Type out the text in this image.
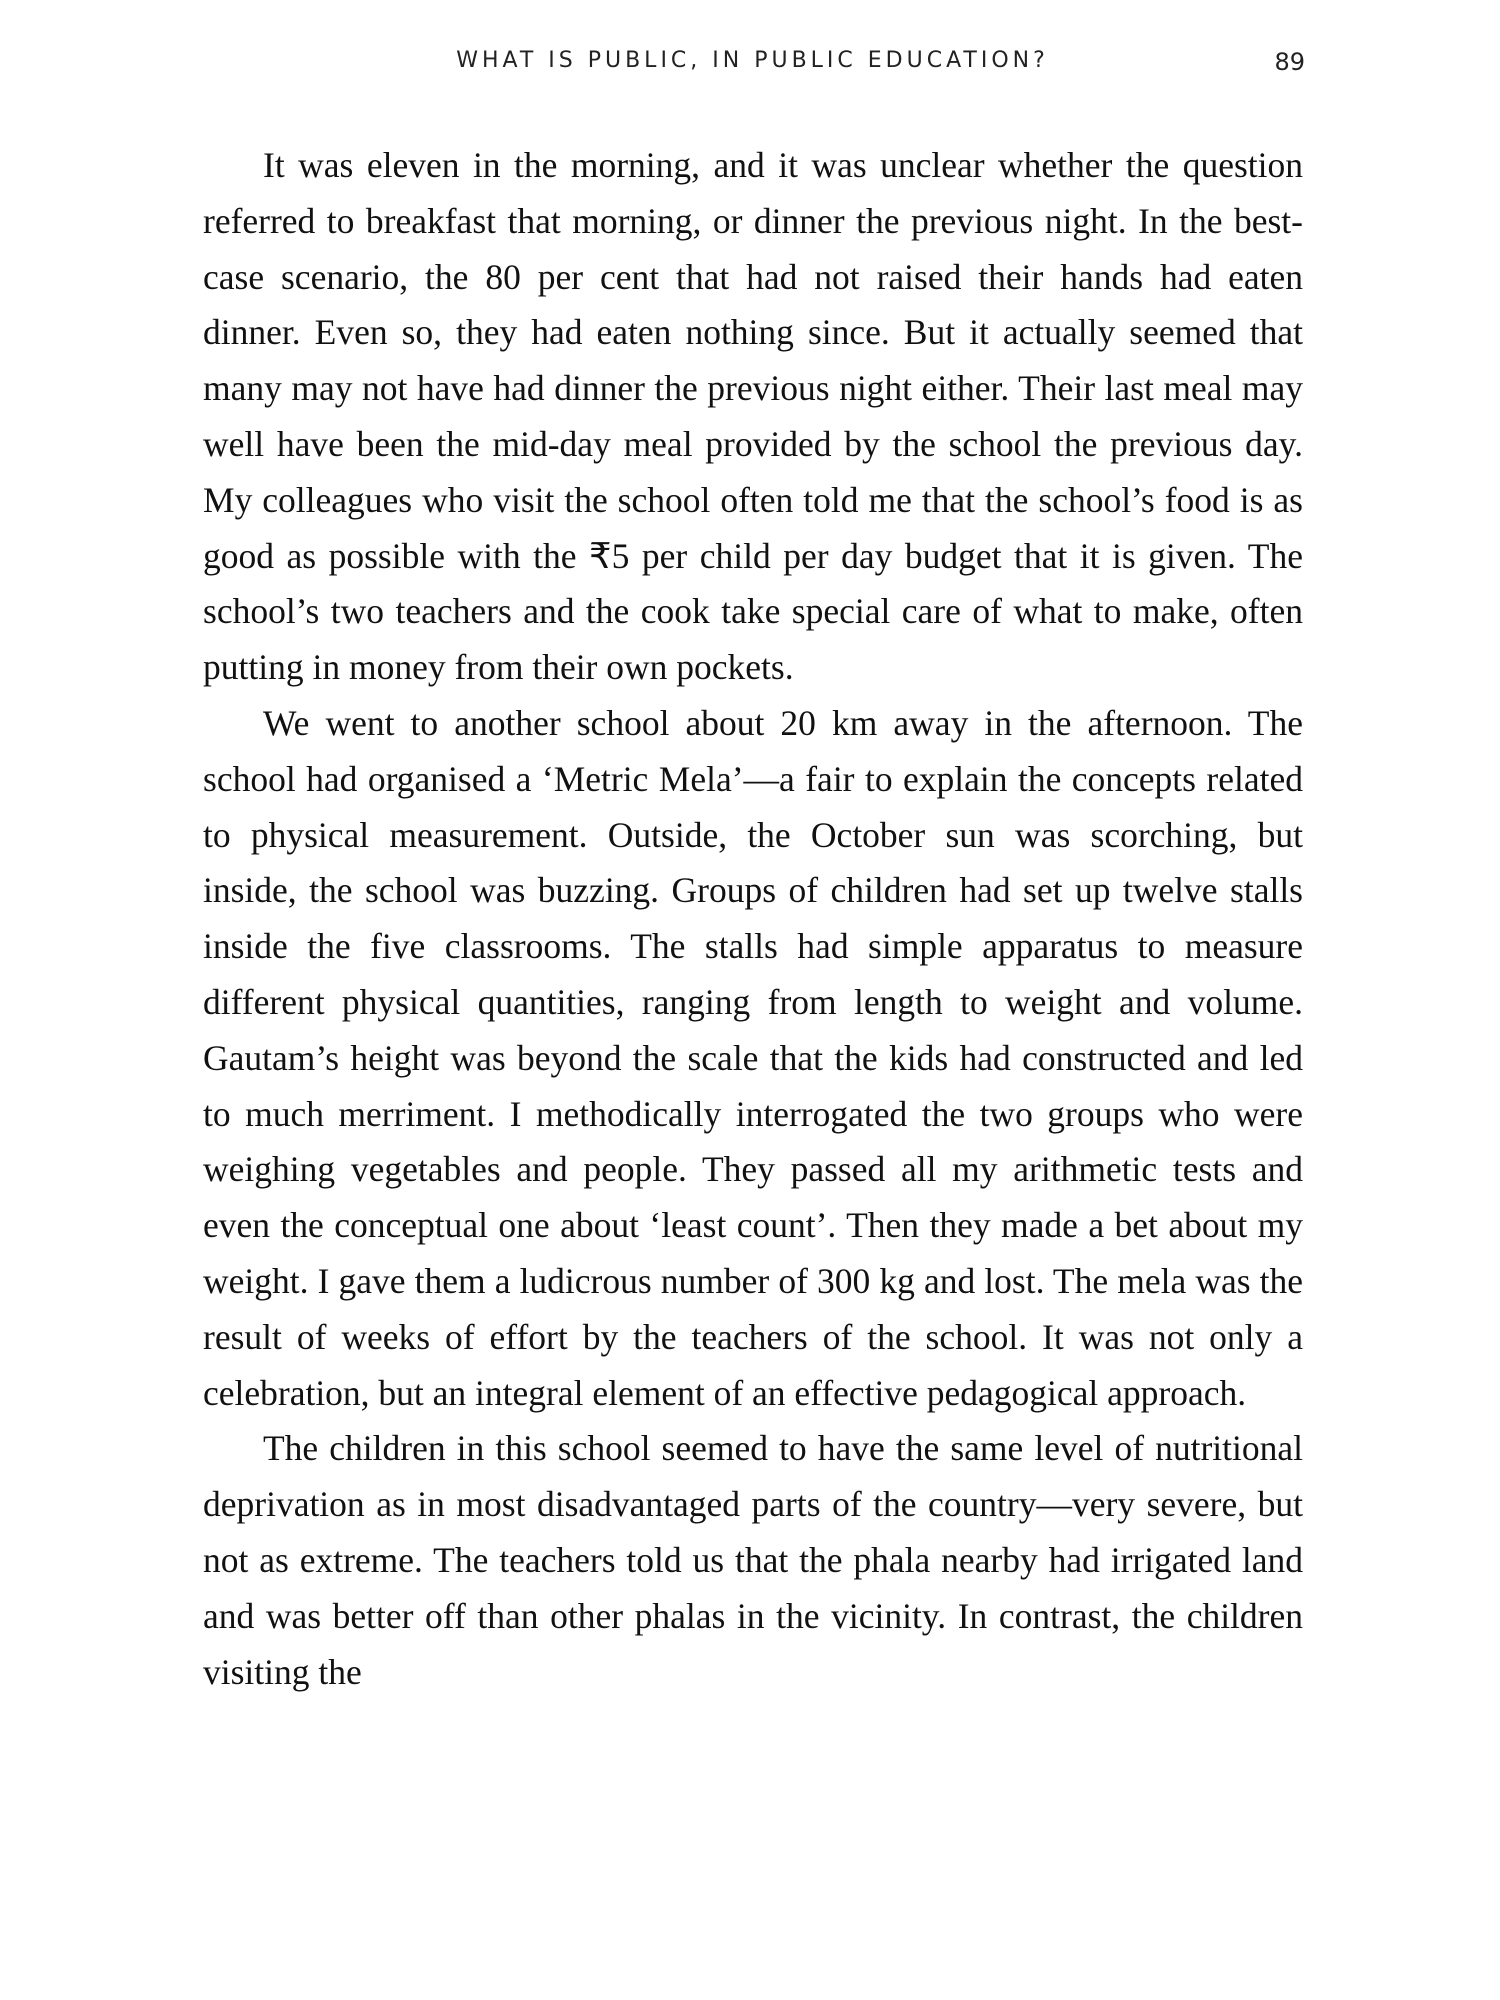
WHAT IS PUBLIC, IN PUBLIC EDUCATION?	89

It was eleven in the morning, and it was unclear whether the question referred to breakfast that morning, or dinner the previous night. In the best-case scenario, the 80 per cent that had not raised their hands had eaten dinner. Even so, they had eaten nothing since. But it actually seemed that many may not have had dinner the previous night either. Their last meal may well have been the mid-day meal provided by the school the previous day. My colleagues who visit the school often told me that the school’s food is as good as possible with the ₹5 per child per day budget that it is given. The school’s two teachers and the cook take special care of what to make, often putting in money from their own pockets.

We went to another school about 20 km away in the afternoon. The school had organised a ‘Metric Mela’—a fair to explain the concepts related to physical measurement. Outside, the October sun was scorching, but inside, the school was buzzing. Groups of children had set up twelve stalls inside the five classrooms. The stalls had simple apparatus to measure different physical quantities, ranging from length to weight and volume. Gautam’s height was beyond the scale that the kids had constructed and led to much merriment. I methodically interrogated the two groups who were weighing vegetables and people. They passed all my arithmetic tests and even the conceptual one about ‘least count’. Then they made a bet about my weight. I gave them a ludicrous number of 300 kg and lost. The mela was the result of weeks of effort by the teachers of the school. It was not only a celebration, but an integral element of an effective pedagogical approach.

The children in this school seemed to have the same level of nutritional deprivation as in most disadvantaged parts of the country—very severe, but not as extreme. The teachers told us that the phala nearby had irrigated land and was better off than other phalas in the vicinity. In contrast, the children visiting the
